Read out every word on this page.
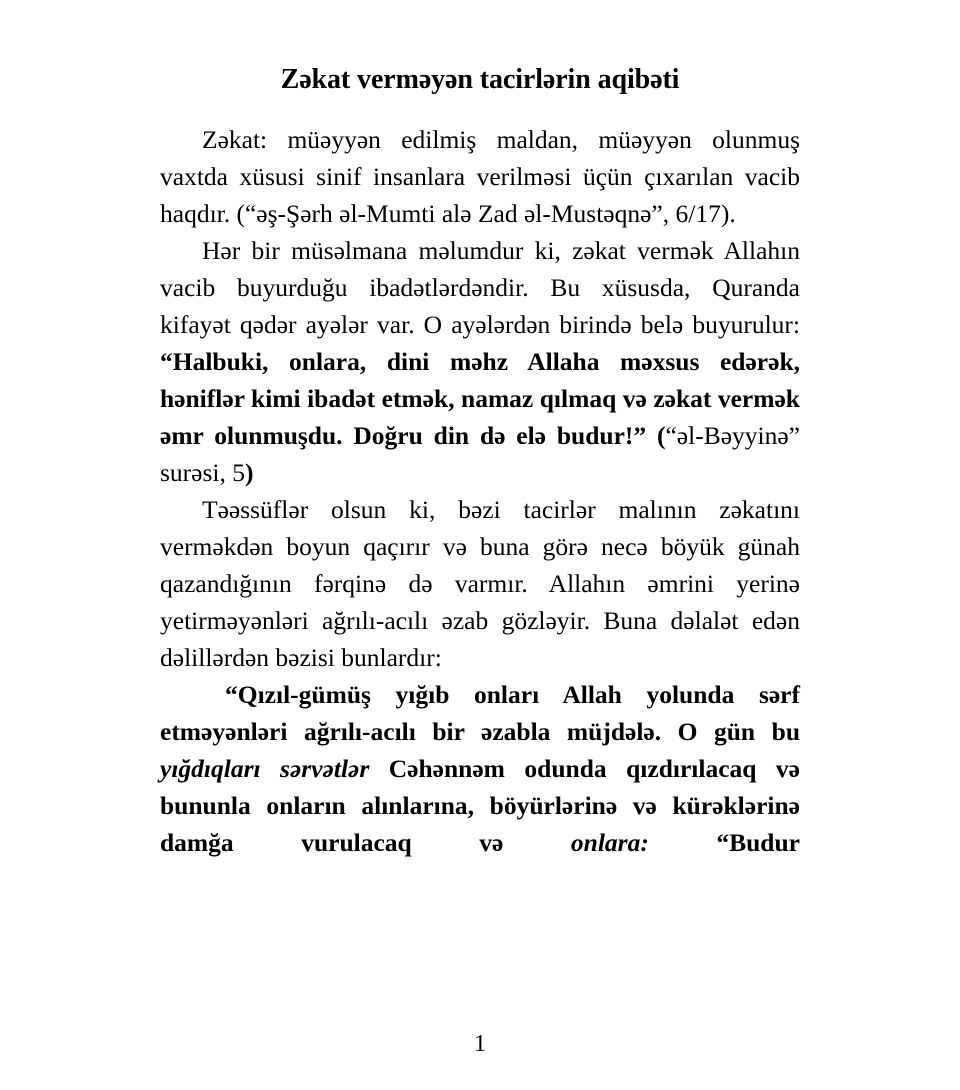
Zəkat verməyən tacirlərin aqibəti

Zəkat: müəyyən edilmiş maldan, müəyyən olunmuş vaxtda xüsusi sinif insanlara verilməsi üçün çıxarılan vacib haqdır. (“əş-Şərh əl-Mumti alə Zad əl-Mustəqnə”, 6/17).

Hər bir müsəlmana məlumdur ki, zəkat vermək Allahın vacib buyurduğu ibadətlərdəndir. Bu xüsusda, Quranda kifayət qədər ayələr var. O ayələrdən birində belə buyurulur: “Halbuki, onlara, dini məhz Allaha məxsus edərək, həniflər kimi ibadət etmək, namaz qılmaq və zəkat vermək əmr olunmuşdu. Doğru din də elə budur!” (“əl-Bəyyinə” surəsi, 5)

Təəssüflər olsun ki, bəzi tacirlər malının zəkatını verməkdən boyun qaçırır və buna görə necə böyük günah qazandığının fərqinə də varmır. Allahın əmrini yerinə yetirməyənləri ağrılı-acılı əzab gözləyir. Buna dəlalət edən dəlillərdən bəzisi bunlardır:

“Qızıl-gümüş yığıb onları Allah yolunda sərf etməyənləri ağrılı-acılı bir əzabla müjdələ. O gün bu yığdıqları sərvətlər Cəhənnəm odunda qızdırılacaq və bununla onların alınlarına, böyürlərinə və kürəklərinə damğa vurulacaq və onlara: “Budur

1
